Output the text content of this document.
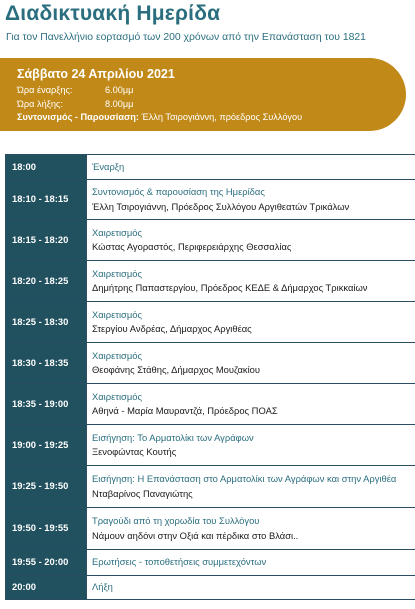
Διαδικτυακή Ημερίδα
Για τον Πανελλήνιο εορτασμό των 200 χρόνων από την Επανάσταση του 1821
Σάββατο 24 Απριλίου 2021
Ώρα έναρξης:	6.00μμ
Ώρα λήξης:	8.00μμ
Συντονισμός - Παρουσίαση: Έλλη Τσιρογιάννη, πρόεδρος Συλλόγου
18:00	Έναρξη

18:10 - 18:15	Συντονισμός & παρουσίαση της Ημερίδας
Έλλη Τσιρογιάννη, Πρόεδρος Συλλόγου Αργιθεατών Τρικάλων

18:15 - 18:20	Χαιρετισμός
Κώστας Αγοραστός, Περιφερειάρχης Θεσσαλίας

18:20 - 18:25	Χαιρετισμός
Δημήτρης Παπαστεργίου, Πρόεδρος ΚΕΔΕ & Δήμαρχος Τρικκαίων

18:25 - 18:30	Χαιρετισμός
Στεργίου Ανδρέας, Δήμαρχος Αργιθέας

18:30 - 18:35	Χαιρετισμός
Θεοφάνης Στάθης, Δήμαρχος Μουζακίου

18:35 - 19:00	Χαιρετισμός
Αθηνά - Μαρία Μαυραντζά, Πρόεδρος ΠΟΑΣ

19:00 - 19:25	Εισήγηση: Το Αρματολίκι των Αγράφων
Ξενοφώντας Κουτής

19:25 - 19:50	Εισήγηση: Η Επανάσταση στο Αρματολίκι των Αγράφων και στην Αργιθέα
Νταβαρίνος Παναγιώτης

19:50 - 19:55	Τραγούδι από τη χορωδία του Συλλόγου
Νάμουν αηδόνι στην Οξιά και πέρδικα στο Βλάσι..

19:55 - 20:00	Ερωτήσεις - τοποθετήσεις συμμετεχόντων

20:00	Λήξη
